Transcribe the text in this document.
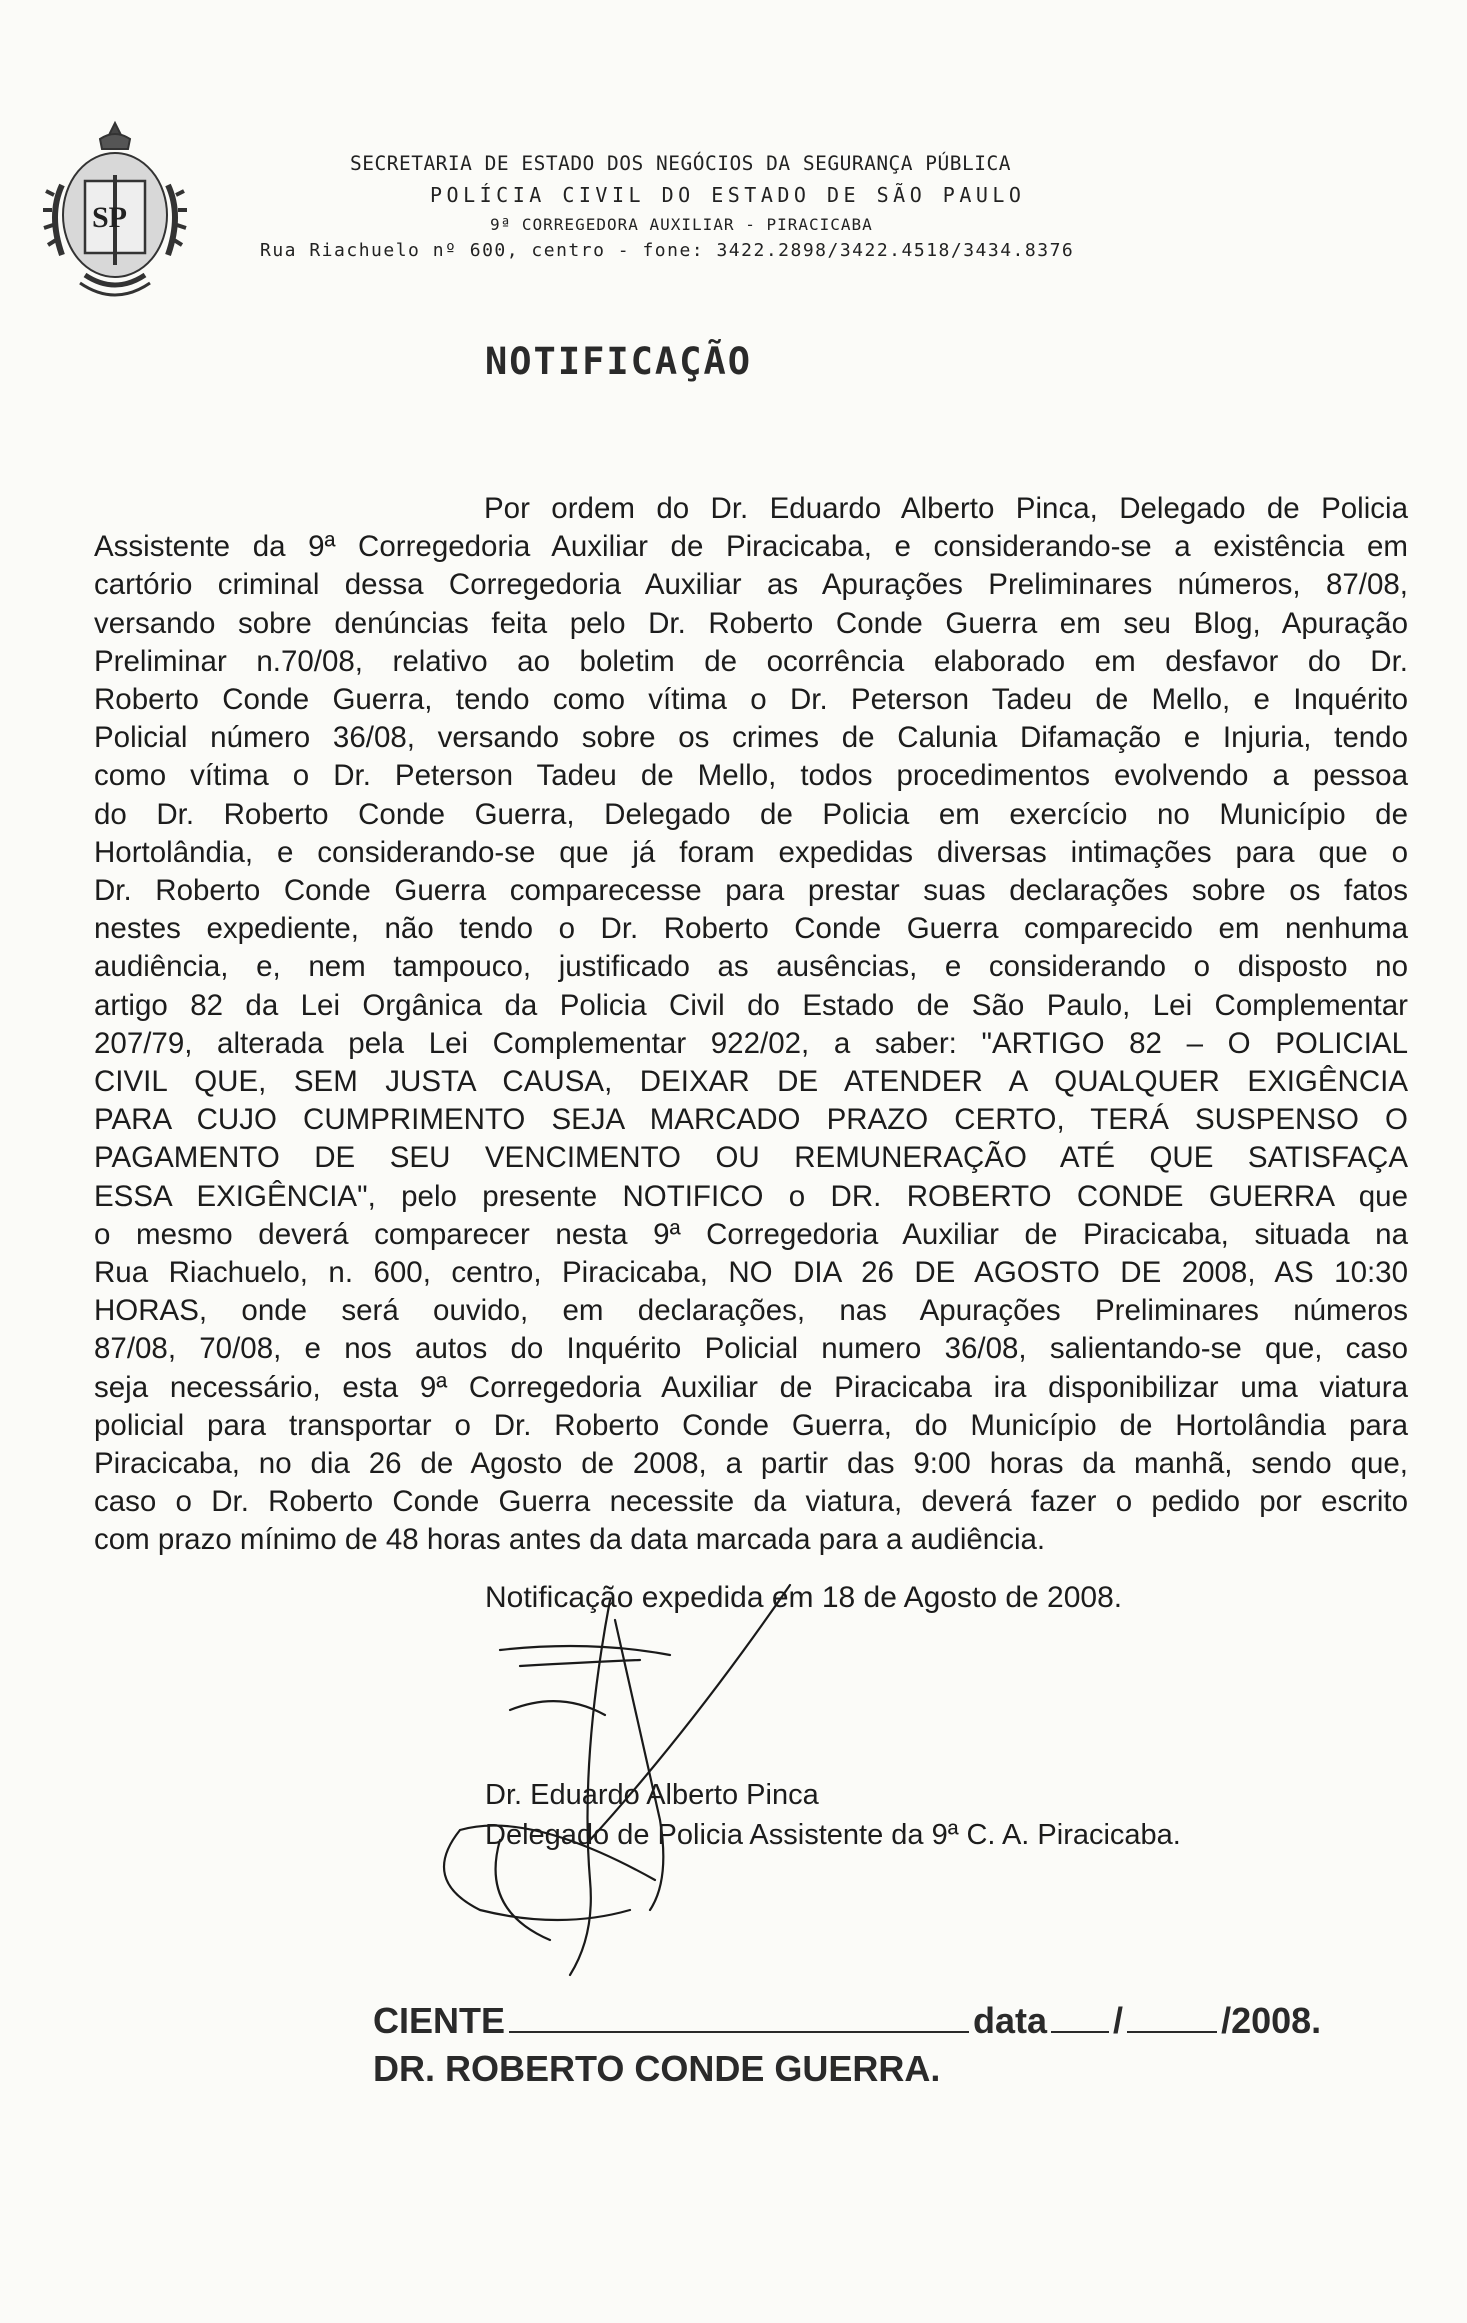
SP
SECRETARIA DE ESTADO DOS NEGÓCIOS DA SEGURANÇA PÚBLICA
POLÍCIA CIVIL DO ESTADO DE SÃO PAULO
9ª CORREGEDORA AUXILIAR - PIRACICABA
Rua Riachuelo nº 600, centro - fone: 3422.2898/3422.4518/3434.8376
NOTIFICAÇÃO
Por ordem do Dr. Eduardo Alberto Pinca, Delegado de Policia
Assistente da 9ª Corregedoria Auxiliar de Piracicaba, e considerando-se a existência em
cartório criminal dessa Corregedoria Auxiliar as Apurações Preliminares números, 87/08,
versando sobre denúncias feita pelo Dr. Roberto Conde Guerra em seu Blog, Apuração
Preliminar n.70/08, relativo ao boletim de ocorrência elaborado em desfavor do Dr.
Roberto Conde Guerra, tendo como vítima o Dr. Peterson Tadeu de Mello, e Inquérito
Policial número 36/08, versando sobre os crimes de Calunia Difamação e Injuria, tendo
como vítima o Dr. Peterson Tadeu de Mello, todos procedimentos evolvendo a pessoa
do Dr. Roberto Conde Guerra, Delegado de Policia em exercício no Município de
Hortolândia, e considerando-se que já foram expedidas diversas intimações para que o
Dr. Roberto Conde Guerra comparecesse para prestar suas declarações sobre os fatos
nestes expediente, não tendo o Dr. Roberto Conde Guerra comparecido em nenhuma
audiência, e, nem tampouco, justificado as ausências, e considerando o disposto no
artigo 82 da Lei Orgânica da Policia Civil do Estado de São Paulo, Lei Complementar
207/79, alterada pela Lei Complementar 922/02, a saber: "ARTIGO 82 – O POLICIAL
CIVIL QUE, SEM JUSTA CAUSA, DEIXAR DE ATENDER A QUALQUER EXIGÊNCIA
PARA CUJO CUMPRIMENTO SEJA MARCADO PRAZO CERTO, TERÁ SUSPENSO O
PAGAMENTO DE SEU VENCIMENTO OU REMUNERAÇÃO ATÉ QUE SATISFAÇA
ESSA EXIGÊNCIA", pelo presente NOTIFICO o DR. ROBERTO CONDE GUERRA que
o mesmo deverá comparecer nesta 9ª Corregedoria Auxiliar de Piracicaba, situada na
Rua Riachuelo, n. 600, centro, Piracicaba, NO DIA 26 DE AGOSTO DE 2008, AS 10:30
HORAS, onde será ouvido, em declarações, nas Apurações Preliminares números
87/08, 70/08, e nos autos do Inquérito Policial numero 36/08, salientando-se que, caso
seja necessário, esta 9ª Corregedoria Auxiliar de Piracicaba ira disponibilizar uma viatura
policial para transportar o Dr. Roberto Conde Guerra, do Município de Hortolândia para
Piracicaba, no dia 26 de Agosto de 2008, a partir das 9:00 horas da manhã, sendo que,
caso o Dr. Roberto Conde Guerra necessite da viatura, deverá fazer o pedido por escrito
com prazo mínimo de 48 horas antes da data marcada para a audiência.
Notificação expedida em 18 de Agosto de 2008.
Dr. Eduardo Alberto Pinca
Delegado de Policia Assistente da 9ª C. A. Piracicaba.
CIENTE	data /	/2008.
DR. ROBERTO CONDE GUERRA.
